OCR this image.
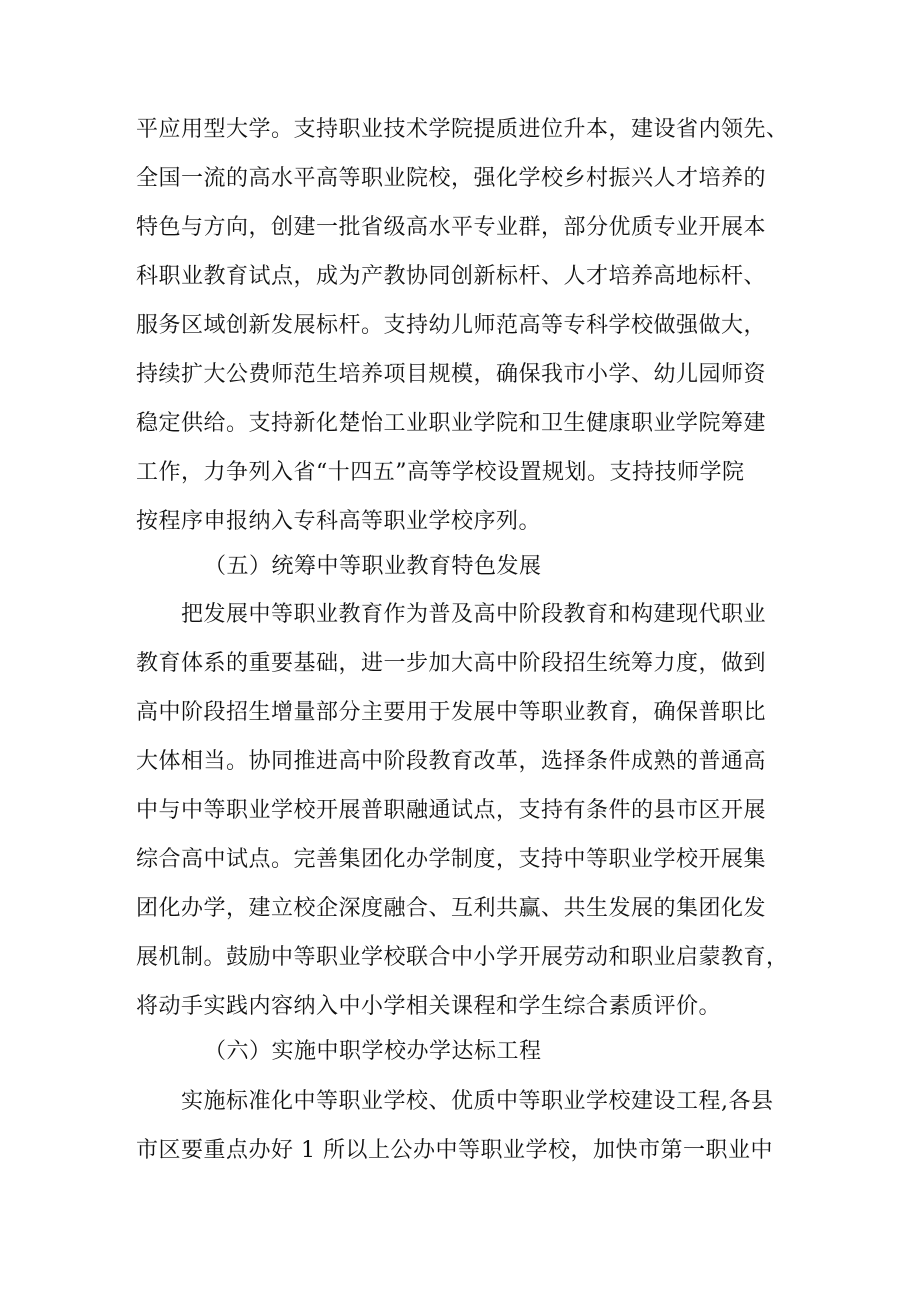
平应用型大学。支持职业技术学院提质进位升本，建设省内领先、
全国一流的高水平高等职业院校，强化学校乡村振兴人才培养的
特色与方向，创建一批省级高水平专业群，部分优质专业开展本
科职业教育试点，成为产教协同创新标杆、人才培养高地标杆、
服务区域创新发展标杆。支持幼儿师范高等专科学校做强做大，
持续扩大公费师范生培养项目规模，确保我市小学、幼儿园师资
稳定供给。支持新化楚怡工业职业学院和卫生健康职业学院筹建
工作，力争列入省“十四五”高等学校设置规划。支持技师学院
按程序申报纳入专科高等职业学校序列。
（五）统筹中等职业教育特色发展
把发展中等职业教育作为普及高中阶段教育和构建现代职业
教育体系的重要基础，进一步加大高中阶段招生统筹力度，做到
高中阶段招生增量部分主要用于发展中等职业教育，确保普职比
大体相当。协同推进高中阶段教育改革，选择条件成熟的普通高
中与中等职业学校开展普职融通试点，支持有条件的县市区开展
综合高中试点。完善集团化办学制度，支持中等职业学校开展集
团化办学，建立校企深度融合、互利共赢、共生发展的集团化发
展机制。鼓励中等职业学校联合中小学开展劳动和职业启蒙教育，
将动手实践内容纳入中小学相关课程和学生综合素质评价。
（六）实施中职学校办学达标工程
实施标准化中等职业学校、优质中等职业学校建设工程,各县
市区要重点办好 1 所以上公办中等职业学校，加快市第一职业中
